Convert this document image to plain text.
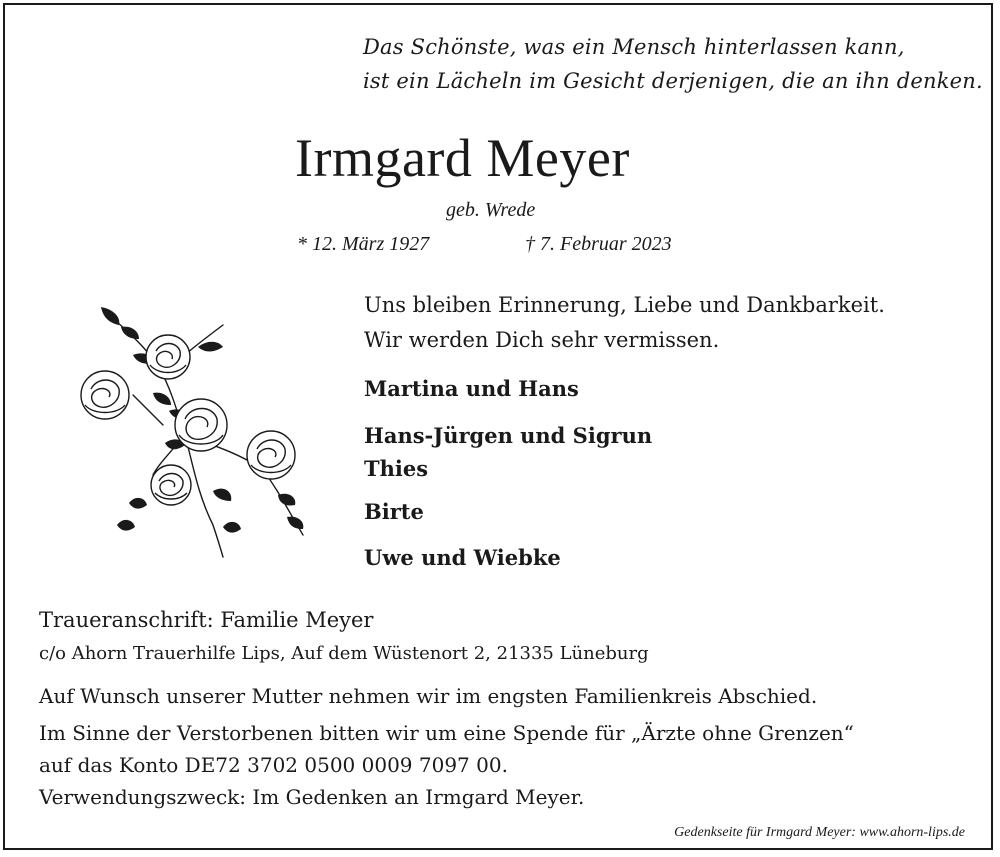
Das Schönste, was ein Mensch hinterlassen kann,
ist ein Lächeln im Gesicht derjenigen, die an ihn denken.
Irmgard Meyer
geb. Wrede
* 12. März 1927	† 7. Februar 2023
Uns bleiben Erinnerung, Liebe und Dankbarkeit.
Wir werden Dich sehr vermissen.
Martina und Hans
Hans-Jürgen und Sigrun
Thies
Birte
Uwe und Wiebke
Traueranschrift: Familie Meyer
c/o Ahorn Trauerhilfe Lips, Auf dem Wüstenort 2, 21335 Lüneburg
Auf Wunsch unserer Mutter nehmen wir im engsten Familienkreis Abschied.
Im Sinne der Verstorbenen bitten wir um eine Spende für „Ärzte ohne Grenzen“
auf das Konto DE72 3702 0500 0009 7097 00.
Verwendungszweck: Im Gedenken an Irmgard Meyer.
Gedenkseite für Irmgard Meyer: www.ahorn-lips.de
